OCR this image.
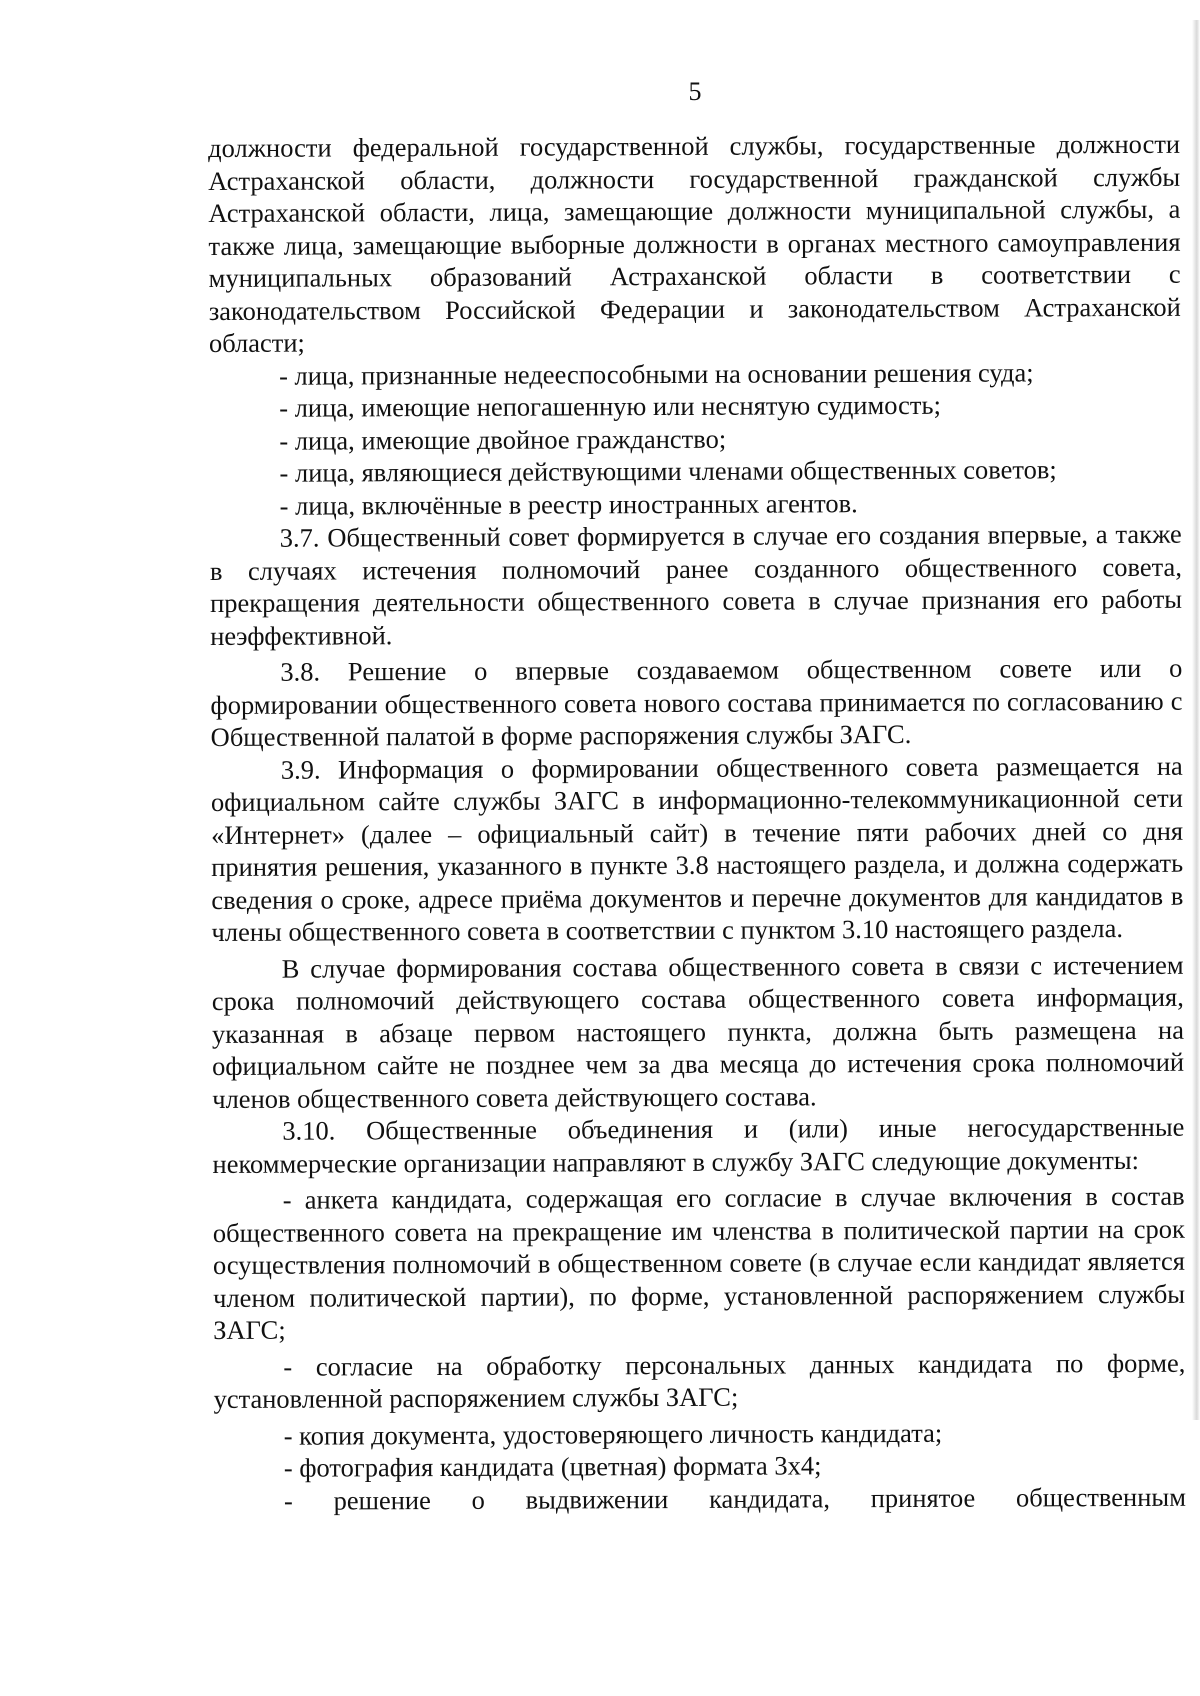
5

должности федеральной государственной службы, государственные должности Астраханской области, должности государственной гражданской службы Астраханской области, лица, замещающие должности муниципальной службы, а также лица, замещающие выборные должности в органах местного самоуправления муниципальных образований Астраханской области в соответствии с законодательством Российской Федерации и законодательством Астраханской области;

- лица, признанные недееспособными на основании решения суда;

- лица, имеющие непогашенную или неснятую судимость;

- лица, имеющие двойное гражданство;

- лица, являющиеся действующими членами общественных советов;

- лица, включённые в реестр иностранных агентов.

3.7. Общественный совет формируется в случае его создания впервые, а также в случаях истечения полномочий ранее созданного общественного совета, прекращения деятельности общественного совета в случае признания его работы неэффективной.

3.8. Решение о впервые создаваемом общественном совете или о формировании общественного совета нового состава принимается по согласованию с Общественной палатой в форме распоряжения службы ЗАГС.

3.9. Информация о формировании общественного совета размещается на официальном сайте службы ЗАГС в информационно-телекоммуникационной сети «Интернет» (далее – официальный сайт) в течение пяти рабочих дней со дня принятия решения, указанного в пункте 3.8 настоящего раздела, и должна содержать сведения о сроке, адресе приёма документов и перечне документов для кандидатов в члены общественного совета в соответствии с пунктом 3.10 настоящего раздела.

В случае формирования состава общественного совета в связи с истечением срока полномочий действующего состава общественного совета информация, указанная в абзаце первом настоящего пункта, должна быть размещена на официальном сайте не позднее чем за два месяца до истечения срока полномочий членов общественного совета действующего состава.

3.10. Общественные объединения и (или) иные негосударственные некоммерческие организации направляют в службу ЗАГС следующие документы:

- анкета кандидата, содержащая его согласие в случае включения в состав общественного совета на прекращение им членства в политической партии на срок осуществления полномочий в общественном совете (в случае если кандидат является членом политической партии), по форме, установленной распоряжением службы ЗАГС;

- согласие на обработку персональных данных кандидата по форме, установленной распоряжением службы ЗАГС;

- копия документа, удостоверяющего личность кандидата;

- фотография кандидата (цветная) формата 3x4;

- решение о выдвижении кандидата, принятое общественным
